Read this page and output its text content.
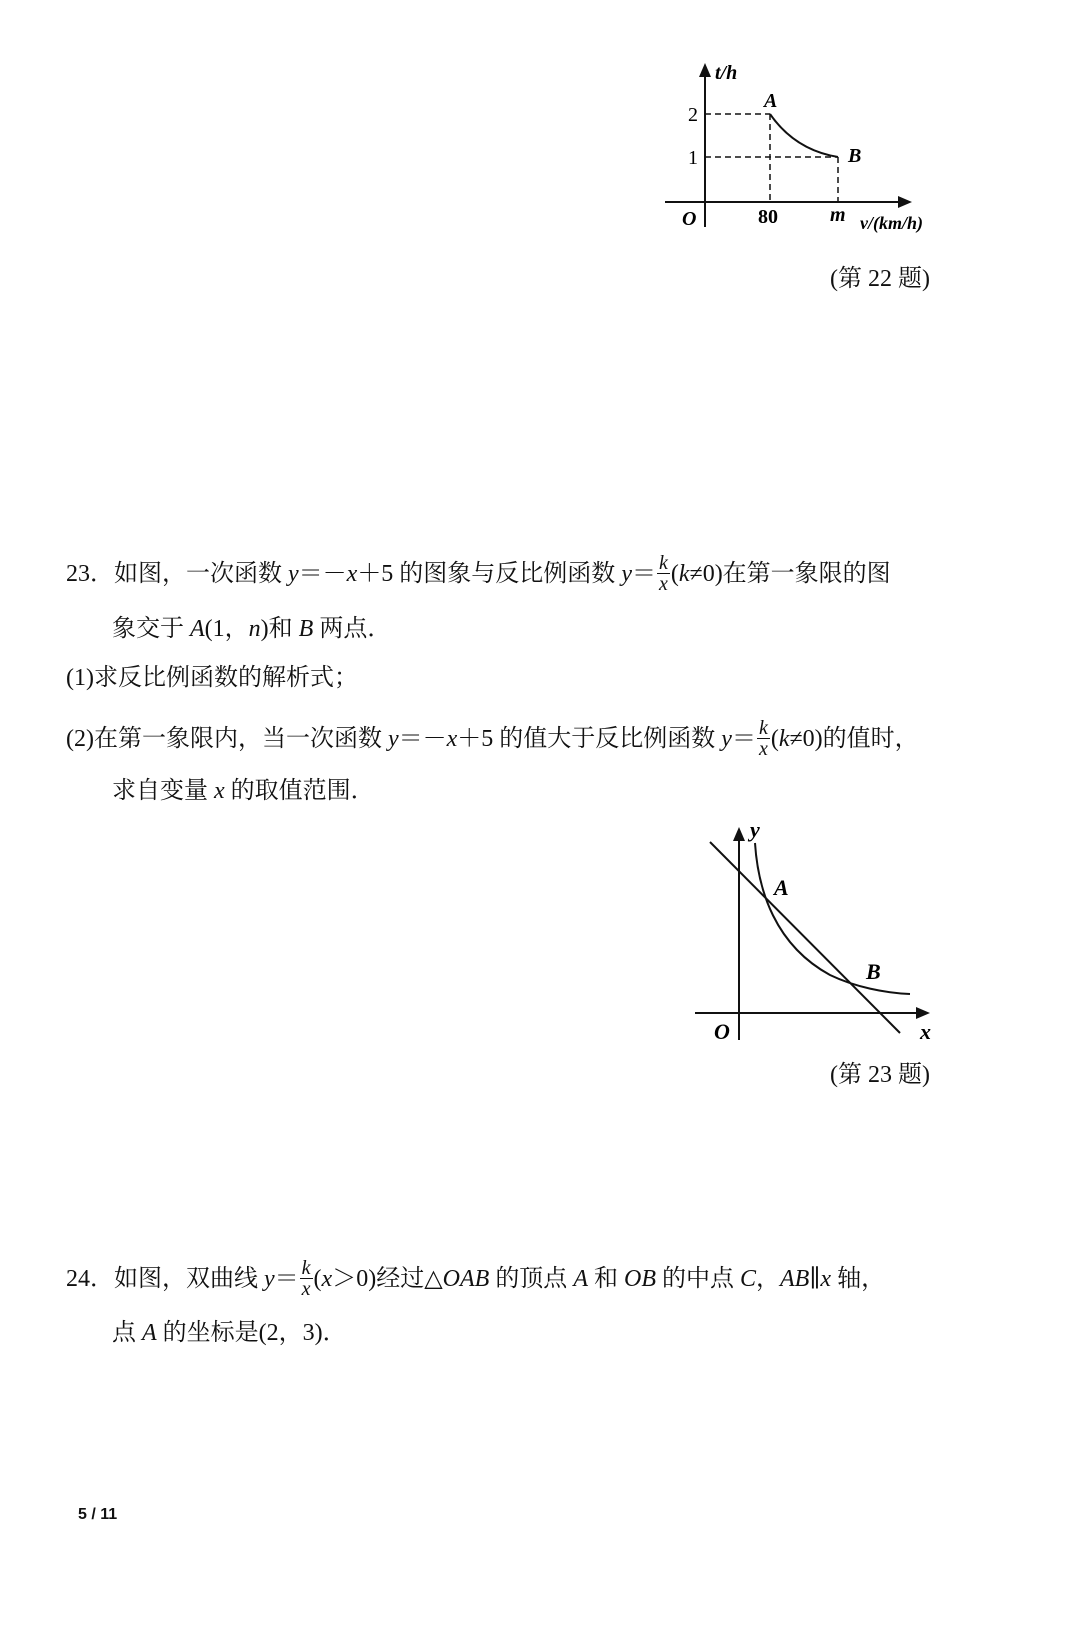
t/h
2
1
O	80	m v/(km/h)
A
B
(第 22 题)
23．如图，一次函数 y＝－x＋5 的图象与反比例函数 $y= \frac{k}{x} (k\ne 0)$在第一象限的图
象交于 A(1，n)和 B 两点．
(1)求反比例函数的解析式；
(2)在第一象限内，当一次函数 y＝－x＋5 的值大于反比例函数 $y= \frac{k}{x} (k\ne 0)$的值时，
求自变量 x 的取值范围．
y
x
O
A
B
(第 23 题)
24．如图，双曲线 $y= \frac{k}{x} (x>0)$经过△OAB 的顶点 A 和 OB 的中点 C，AB∥x 轴，
点 A 的坐标是(2，3)．
5 / 11
